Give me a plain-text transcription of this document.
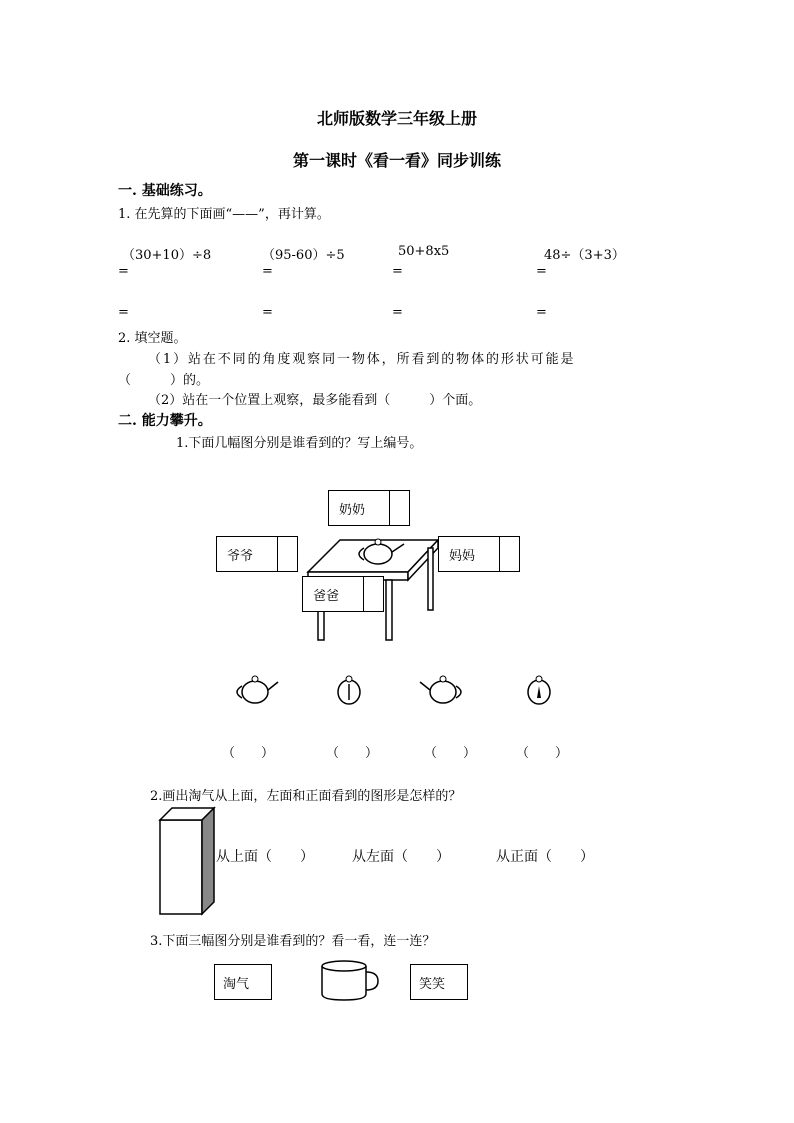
北师版数学三年级上册
第一课时《看一看》同步训练
一. 基础练习。
1. 在先算的下面画“——”，再计算。
（30+10）÷8	（95-60）÷5	50+8x5	48÷（3+3）
=	=	=	=
=	=	=	=
2. 填空题。
（1）站在不同的角度观察同一物体，所看到的物体的形状可能是
（　　　）的。
（2）站在一个位置上观察，最多能看到（　　　）个面。
二. 能力攀升。
1.下面几幅图分别是谁看到的？写上编号。
奶奶
爷爷	妈妈
爸爸
（　　）	（　　）	（　　）	（　　）
2.画出淘气从上面，左面和正面看到的图形是怎样的？
从上面（　　）	从左面（　　）	从正面（　　）
3.下面三幅图分别是谁看到的？看一看，连一连？
淘气	笑笑
